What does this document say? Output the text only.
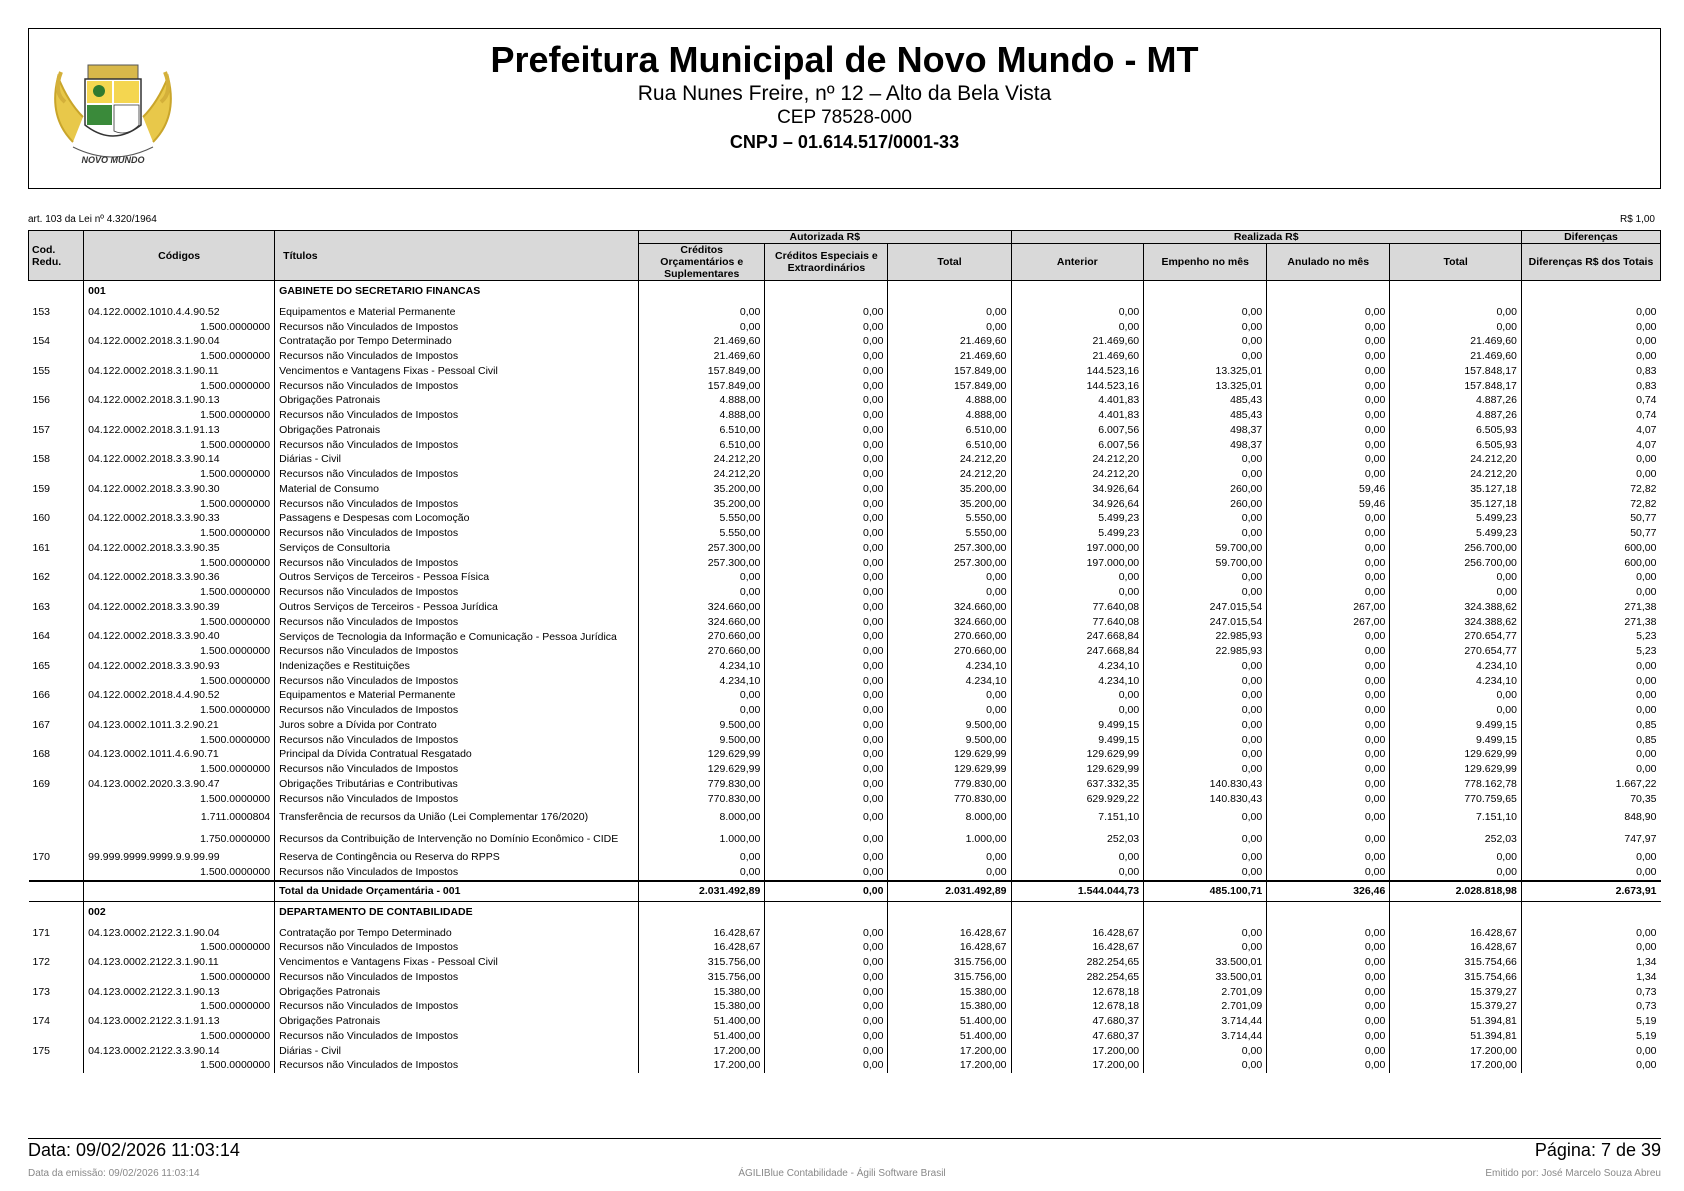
NOVO MUNDO
Prefeitura Municipal de Novo Mundo - MT
Rua Nunes Freire, nº 12 – Alto da Bela Vista
CEP 78528-000
CNPJ – 01.614.517/0001-33
art. 103 da Lei nº 4.320/1964	R$ 1,00
Cod. Redu.	Códigos	Títulos	Autorizada R$			Realizada R$				Diferenças
			Créditos Orçamentários e Suplementares	Créditos Especiais e Extraordinários	Total	Anterior	Empenho no mês	Anulado no mês	Total	Diferenças R$ dos Totais
	001	GABINETE DO SECRETARIO FINANCAS								
153	04.122.0002.1010.4.4.90.52	Equipamentos e Material Permanente	0,00	0,00	0,00	0,00	0,00	0,00	0,00	0,00
	1.500.0000000	Recursos não Vinculados de Impostos	0,00	0,00	0,00	0,00	0,00	0,00	0,00	0,00
154	04.122.0002.2018.3.1.90.04	Contratação por Tempo Determinado	21.469,60	0,00	21.469,60	21.469,60	0,00	0,00	21.469,60	0,00
	1.500.0000000	Recursos não Vinculados de Impostos	21.469,60	0,00	21.469,60	21.469,60	0,00	0,00	21.469,60	0,00
155	04.122.0002.2018.3.1.90.11	Vencimentos e Vantagens Fixas - Pessoal Civil	157.849,00	0,00	157.849,00	144.523,16	13.325,01	0,00	157.848,17	0,83
	1.500.0000000	Recursos não Vinculados de Impostos	157.849,00	0,00	157.849,00	144.523,16	13.325,01	0,00	157.848,17	0,83
156	04.122.0002.2018.3.1.90.13	Obrigações Patronais	4.888,00	0,00	4.888,00	4.401,83	485,43	0,00	4.887,26	0,74
	1.500.0000000	Recursos não Vinculados de Impostos	4.888,00	0,00	4.888,00	4.401,83	485,43	0,00	4.887,26	0,74
157	04.122.0002.2018.3.1.91.13	Obrigações Patronais	6.510,00	0,00	6.510,00	6.007,56	498,37	0,00	6.505,93	4,07
	1.500.0000000	Recursos não Vinculados de Impostos	6.510,00	0,00	6.510,00	6.007,56	498,37	0,00	6.505,93	4,07
158	04.122.0002.2018.3.3.90.14	Diárias - Civil	24.212,20	0,00	24.212,20	24.212,20	0,00	0,00	24.212,20	0,00
	1.500.0000000	Recursos não Vinculados de Impostos	24.212,20	0,00	24.212,20	24.212,20	0,00	0,00	24.212,20	0,00
159	04.122.0002.2018.3.3.90.30	Material de Consumo	35.200,00	0,00	35.200,00	34.926,64	260,00	59,46	35.127,18	72,82
	1.500.0000000	Recursos não Vinculados de Impostos	35.200,00	0,00	35.200,00	34.926,64	260,00	59,46	35.127,18	72,82
160	04.122.0002.2018.3.3.90.33	Passagens e Despesas com Locomoção	5.550,00	0,00	5.550,00	5.499,23	0,00	0,00	5.499,23	50,77
	1.500.0000000	Recursos não Vinculados de Impostos	5.550,00	0,00	5.550,00	5.499,23	0,00	0,00	5.499,23	50,77
161	04.122.0002.2018.3.3.90.35	Serviços de Consultoria	257.300,00	0,00	257.300,00	197.000,00	59.700,00	0,00	256.700,00	600,00
	1.500.0000000	Recursos não Vinculados de Impostos	257.300,00	0,00	257.300,00	197.000,00	59.700,00	0,00	256.700,00	600,00
162	04.122.0002.2018.3.3.90.36	Outros Serviços de Terceiros - Pessoa Física	0,00	0,00	0,00	0,00	0,00	0,00	0,00	0,00
	1.500.0000000	Recursos não Vinculados de Impostos	0,00	0,00	0,00	0,00	0,00	0,00	0,00	0,00
163	04.122.0002.2018.3.3.90.39	Outros Serviços de Terceiros - Pessoa Jurídica	324.660,00	0,00	324.660,00	77.640,08	247.015,54	267,00	324.388,62	271,38
	1.500.0000000	Recursos não Vinculados de Impostos	324.660,00	0,00	324.660,00	77.640,08	247.015,54	267,00	324.388,62	271,38
164	04.122.0002.2018.3.3.90.40	Serviços de Tecnologia da Informação e Comunicação - Pessoa Jurídica	270.660,00	0,00	270.660,00	247.668,84	22.985,93	0,00	270.654,77	5,23
	1.500.0000000	Recursos não Vinculados de Impostos	270.660,00	0,00	270.660,00	247.668,84	22.985,93	0,00	270.654,77	5,23
165	04.122.0002.2018.3.3.90.93	Indenizações e Restituições	4.234,10	0,00	4.234,10	4.234,10	0,00	0,00	4.234,10	0,00
	1.500.0000000	Recursos não Vinculados de Impostos	4.234,10	0,00	4.234,10	4.234,10	0,00	0,00	4.234,10	0,00
166	04.122.0002.2018.4.4.90.52	Equipamentos e Material Permanente	0,00	0,00	0,00	0,00	0,00	0,00	0,00	0,00
	1.500.0000000	Recursos não Vinculados de Impostos	0,00	0,00	0,00	0,00	0,00	0,00	0,00	0,00
167	04.123.0002.1011.3.2.90.21	Juros sobre a Dívida por Contrato	9.500,00	0,00	9.500,00	9.499,15	0,00	0,00	9.499,15	0,85
	1.500.0000000	Recursos não Vinculados de Impostos	9.500,00	0,00	9.500,00	9.499,15	0,00	0,00	9.499,15	0,85
168	04.123.0002.1011.4.6.90.71	Principal da Dívida Contratual Resgatado	129.629,99	0,00	129.629,99	129.629,99	0,00	0,00	129.629,99	0,00
	1.500.0000000	Recursos não Vinculados de Impostos	129.629,99	0,00	129.629,99	129.629,99	0,00	0,00	129.629,99	0,00
169	04.123.0002.2020.3.3.90.47	Obrigações Tributárias e Contributivas	779.830,00	0,00	779.830,00	637.332,35	140.830,43	0,00	778.162,78	1.667,22
	1.500.0000000	Recursos não Vinculados de Impostos	770.830,00	0,00	770.830,00	629.929,22	140.830,43	0,00	770.759,65	70,35
	1.711.0000804	Transferência de recursos da União (Lei Complementar 176/2020)	8.000,00	0,00	8.000,00	7.151,10	0,00	0,00	7.151,10	848,90
	1.750.0000000	Recursos da Contribuição de Intervenção no Domínio Econômico - CIDE	1.000,00	0,00	1.000,00	252,03	0,00	0,00	252,03	747,97
170	99.999.9999.9999.9.9.99.99	Reserva de Contingência ou Reserva do RPPS	0,00	0,00	0,00	0,00	0,00	0,00	0,00	0,00
	1.500.0000000	Recursos não Vinculados de Impostos	0,00	0,00	0,00	0,00	0,00	0,00	0,00	0,00
		Total da Unidade Orçamentária - 001	2.031.492,89	0,00	2.031.492,89	1.544.044,73	485.100,71	326,46	2.028.818,98	2.673,91
	002	DEPARTAMENTO DE CONTABILIDADE								
171	04.123.0002.2122.3.1.90.04	Contratação por Tempo Determinado	16.428,67	0,00	16.428,67	16.428,67	0,00	0,00	16.428,67	0,00
	1.500.0000000	Recursos não Vinculados de Impostos	16.428,67	0,00	16.428,67	16.428,67	0,00	0,00	16.428,67	0,00
172	04.123.0002.2122.3.1.90.11	Vencimentos e Vantagens Fixas - Pessoal Civil	315.756,00	0,00	315.756,00	282.254,65	33.500,01	0,00	315.754,66	1,34
	1.500.0000000	Recursos não Vinculados de Impostos	315.756,00	0,00	315.756,00	282.254,65	33.500,01	0,00	315.754,66	1,34
173	04.123.0002.2122.3.1.90.13	Obrigações Patronais	15.380,00	0,00	15.380,00	12.678,18	2.701,09	0,00	15.379,27	0,73
	1.500.0000000	Recursos não Vinculados de Impostos	15.380,00	0,00	15.380,00	12.678,18	2.701,09	0,00	15.379,27	0,73
174	04.123.0002.2122.3.1.91.13	Obrigações Patronais	51.400,00	0,00	51.400,00	47.680,37	3.714,44	0,00	51.394,81	5,19
	1.500.0000000	Recursos não Vinculados de Impostos	51.400,00	0,00	51.400,00	47.680,37	3.714,44	0,00	51.394,81	5,19
175	04.123.0002.2122.3.3.90.14	Diárias - Civil	17.200,00	0,00	17.200,00	17.200,00	0,00	0,00	17.200,00	0,00
	1.500.0000000	Recursos não Vinculados de Impostos	17.200,00	0,00	17.200,00	17.200,00	0,00	0,00	17.200,00	0,00
Data: 09/02/2026 11:03:14	Página: 7 de 39
Data da emissão: 09/02/2026 11:03:14	ÁGILIBlue Contabilidade - Ágili Software Brasil	Emitido por: José Marcelo Souza Abreu
